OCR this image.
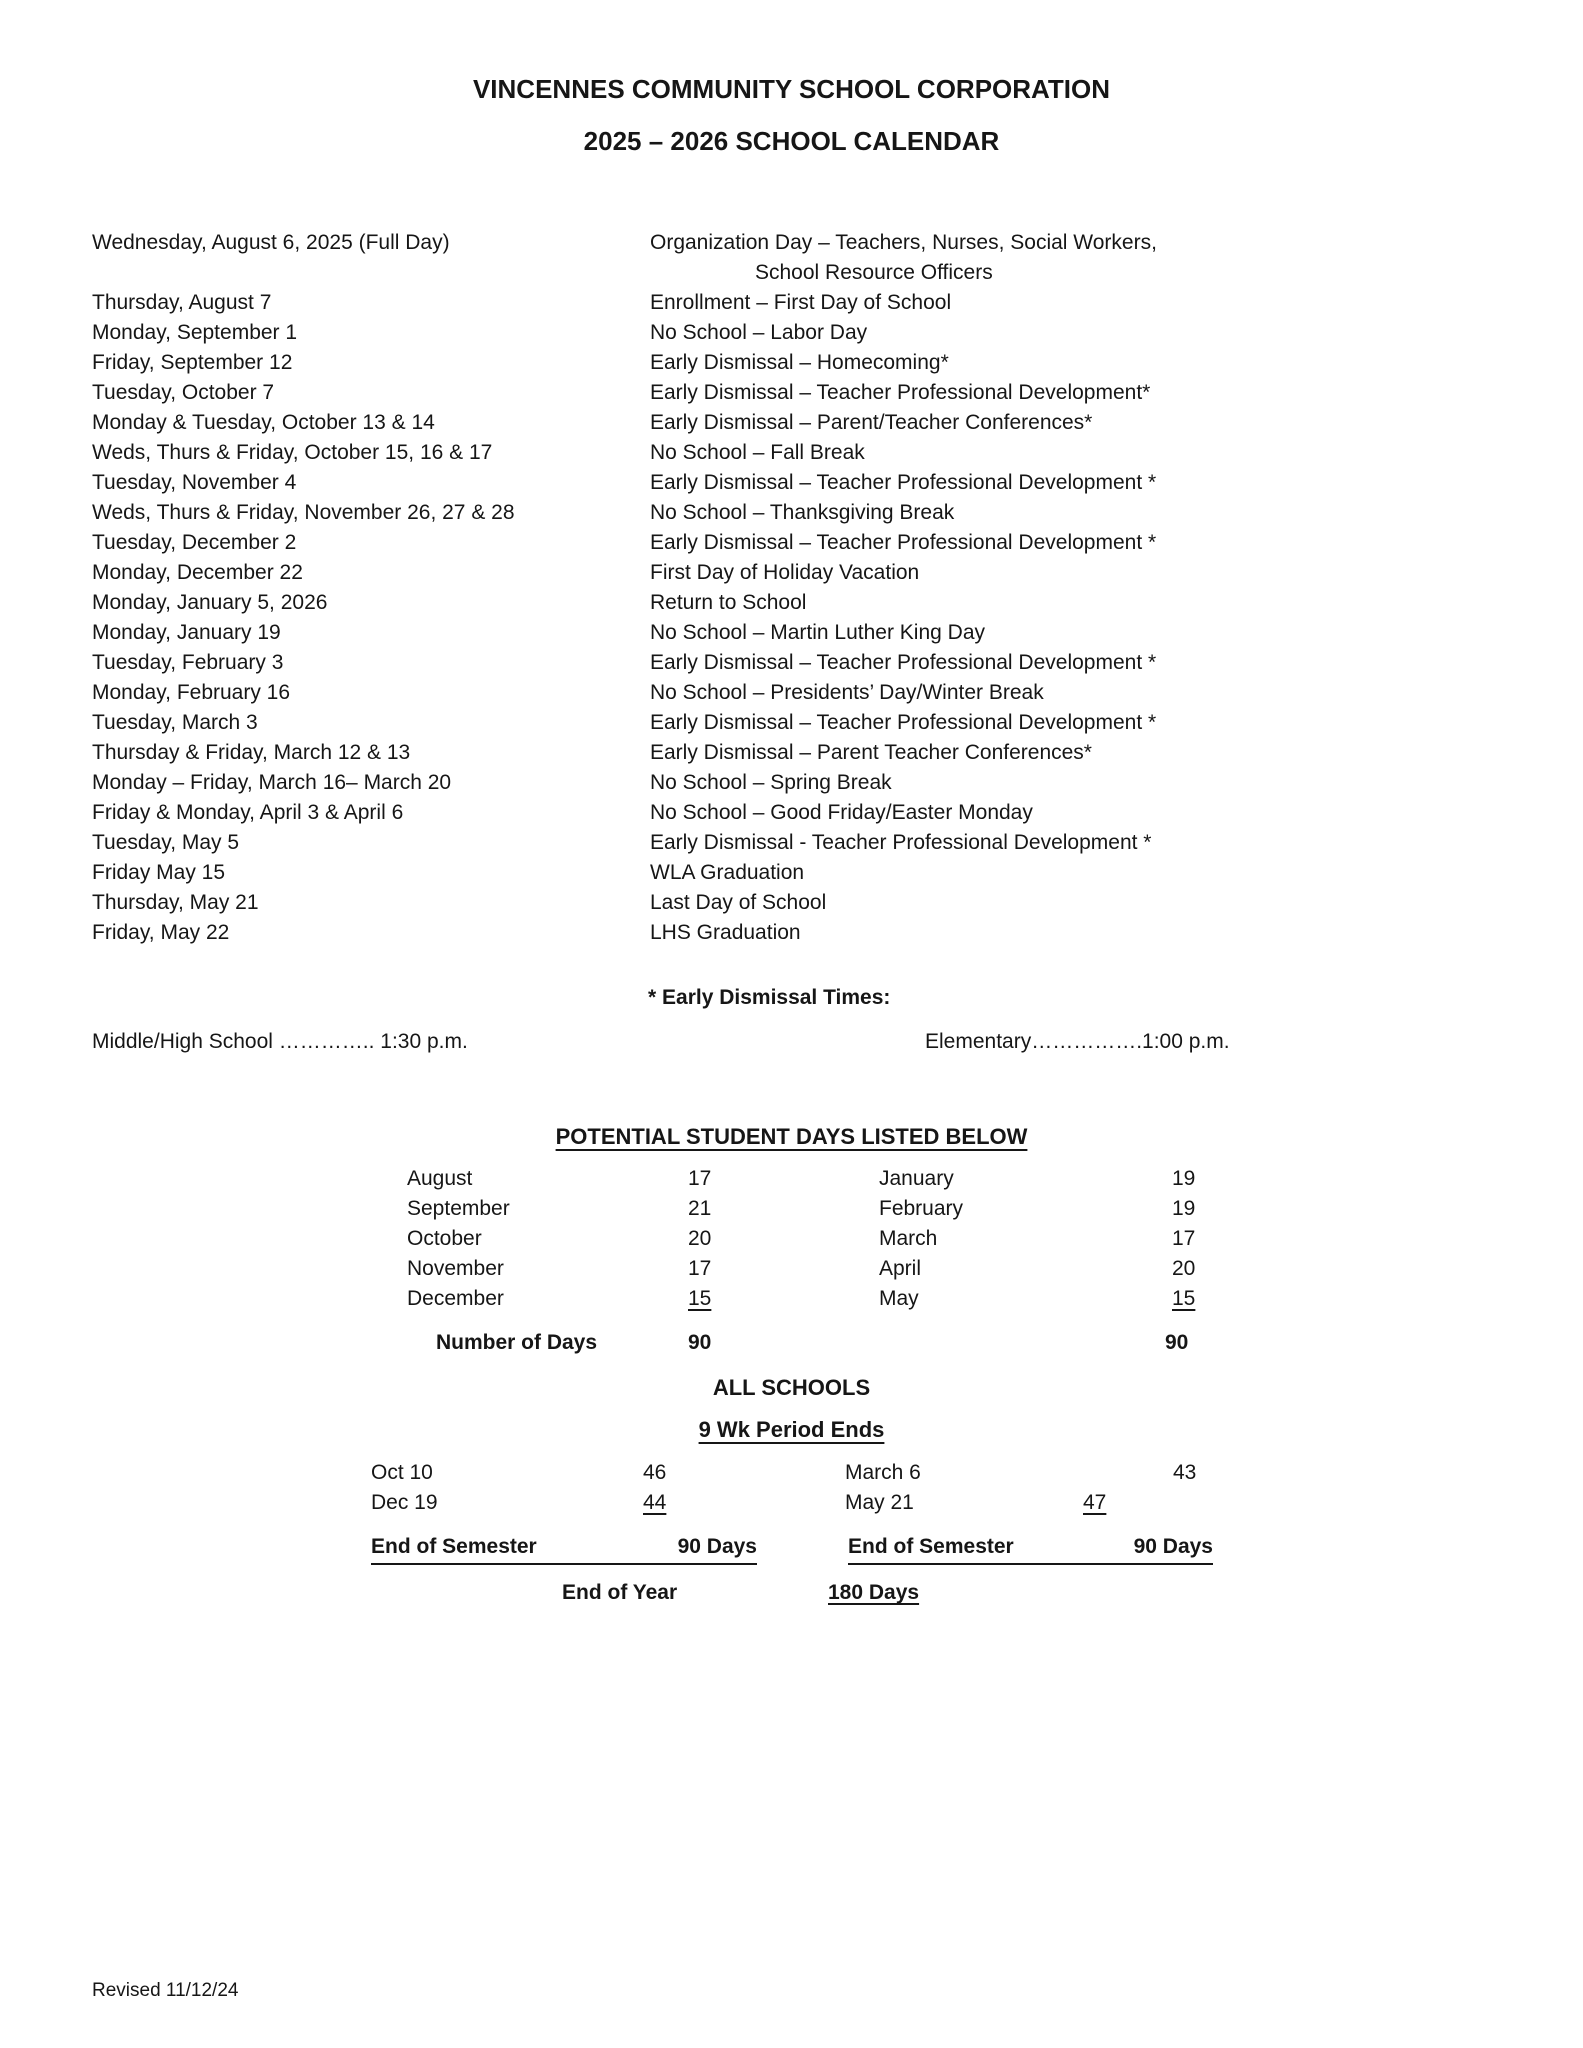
VINCENNES COMMUNITY SCHOOL CORPORATION
2025 – 2026 SCHOOL CALENDAR
Wednesday, August 6, 2025 (Full Day)	Organization Day – Teachers, Nurses, Social Workers,
School Resource Officers
Thursday, August 7	Enrollment – First Day of School
Monday, September 1	No School – Labor Day
Friday, September 12	Early Dismissal – Homecoming*
Tuesday, October 7	Early Dismissal – Teacher Professional Development*
Monday & Tuesday, October 13 & 14	Early Dismissal – Parent/Teacher Conferences*
Weds, Thurs & Friday, October 15, 16 & 17	No School – Fall Break
Tuesday, November 4	Early Dismissal – Teacher Professional Development *
Weds, Thurs & Friday, November 26, 27 & 28	No School – Thanksgiving Break
Tuesday, December 2	Early Dismissal – Teacher Professional Development *
Monday, December 22	First Day of Holiday Vacation
Monday, January 5, 2026	Return to School
Monday, January 19	No School – Martin Luther King Day
Tuesday, February 3	Early Dismissal – Teacher Professional Development *
Monday, February 16	No School – Presidents’ Day/Winter Break
Tuesday, March 3	Early Dismissal – Teacher Professional Development *
Thursday & Friday, March 12 & 13	Early Dismissal – Parent Teacher Conferences*
Monday – Friday, March 16– March 20	No School – Spring Break
Friday & Monday, April 3 & April 6	No School – Good Friday/Easter Monday
Tuesday, May 5	Early Dismissal - Teacher Professional Development *
Friday May 15	WLA Graduation
Thursday, May 21	Last Day of School
Friday, May 22	LHS Graduation
* Early Dismissal Times:
Middle/High School ………….. 1:30 p.m.	Elementary…………….1:00 p.m.
POTENTIAL STUDENT DAYS LISTED BELOW
August	17	January	19
September	21	February	19
October	20	March	17
November	17	April	20
December	15	May	15
Number of Days	90	90
ALL SCHOOLS
9 Wk Period Ends
Oct 10	46	March 6	43
Dec 19	44	May 21	47
End of Semester	90 Days	End of Semester	90 Days
End of Year	180 Days
Revised 11/12/24
